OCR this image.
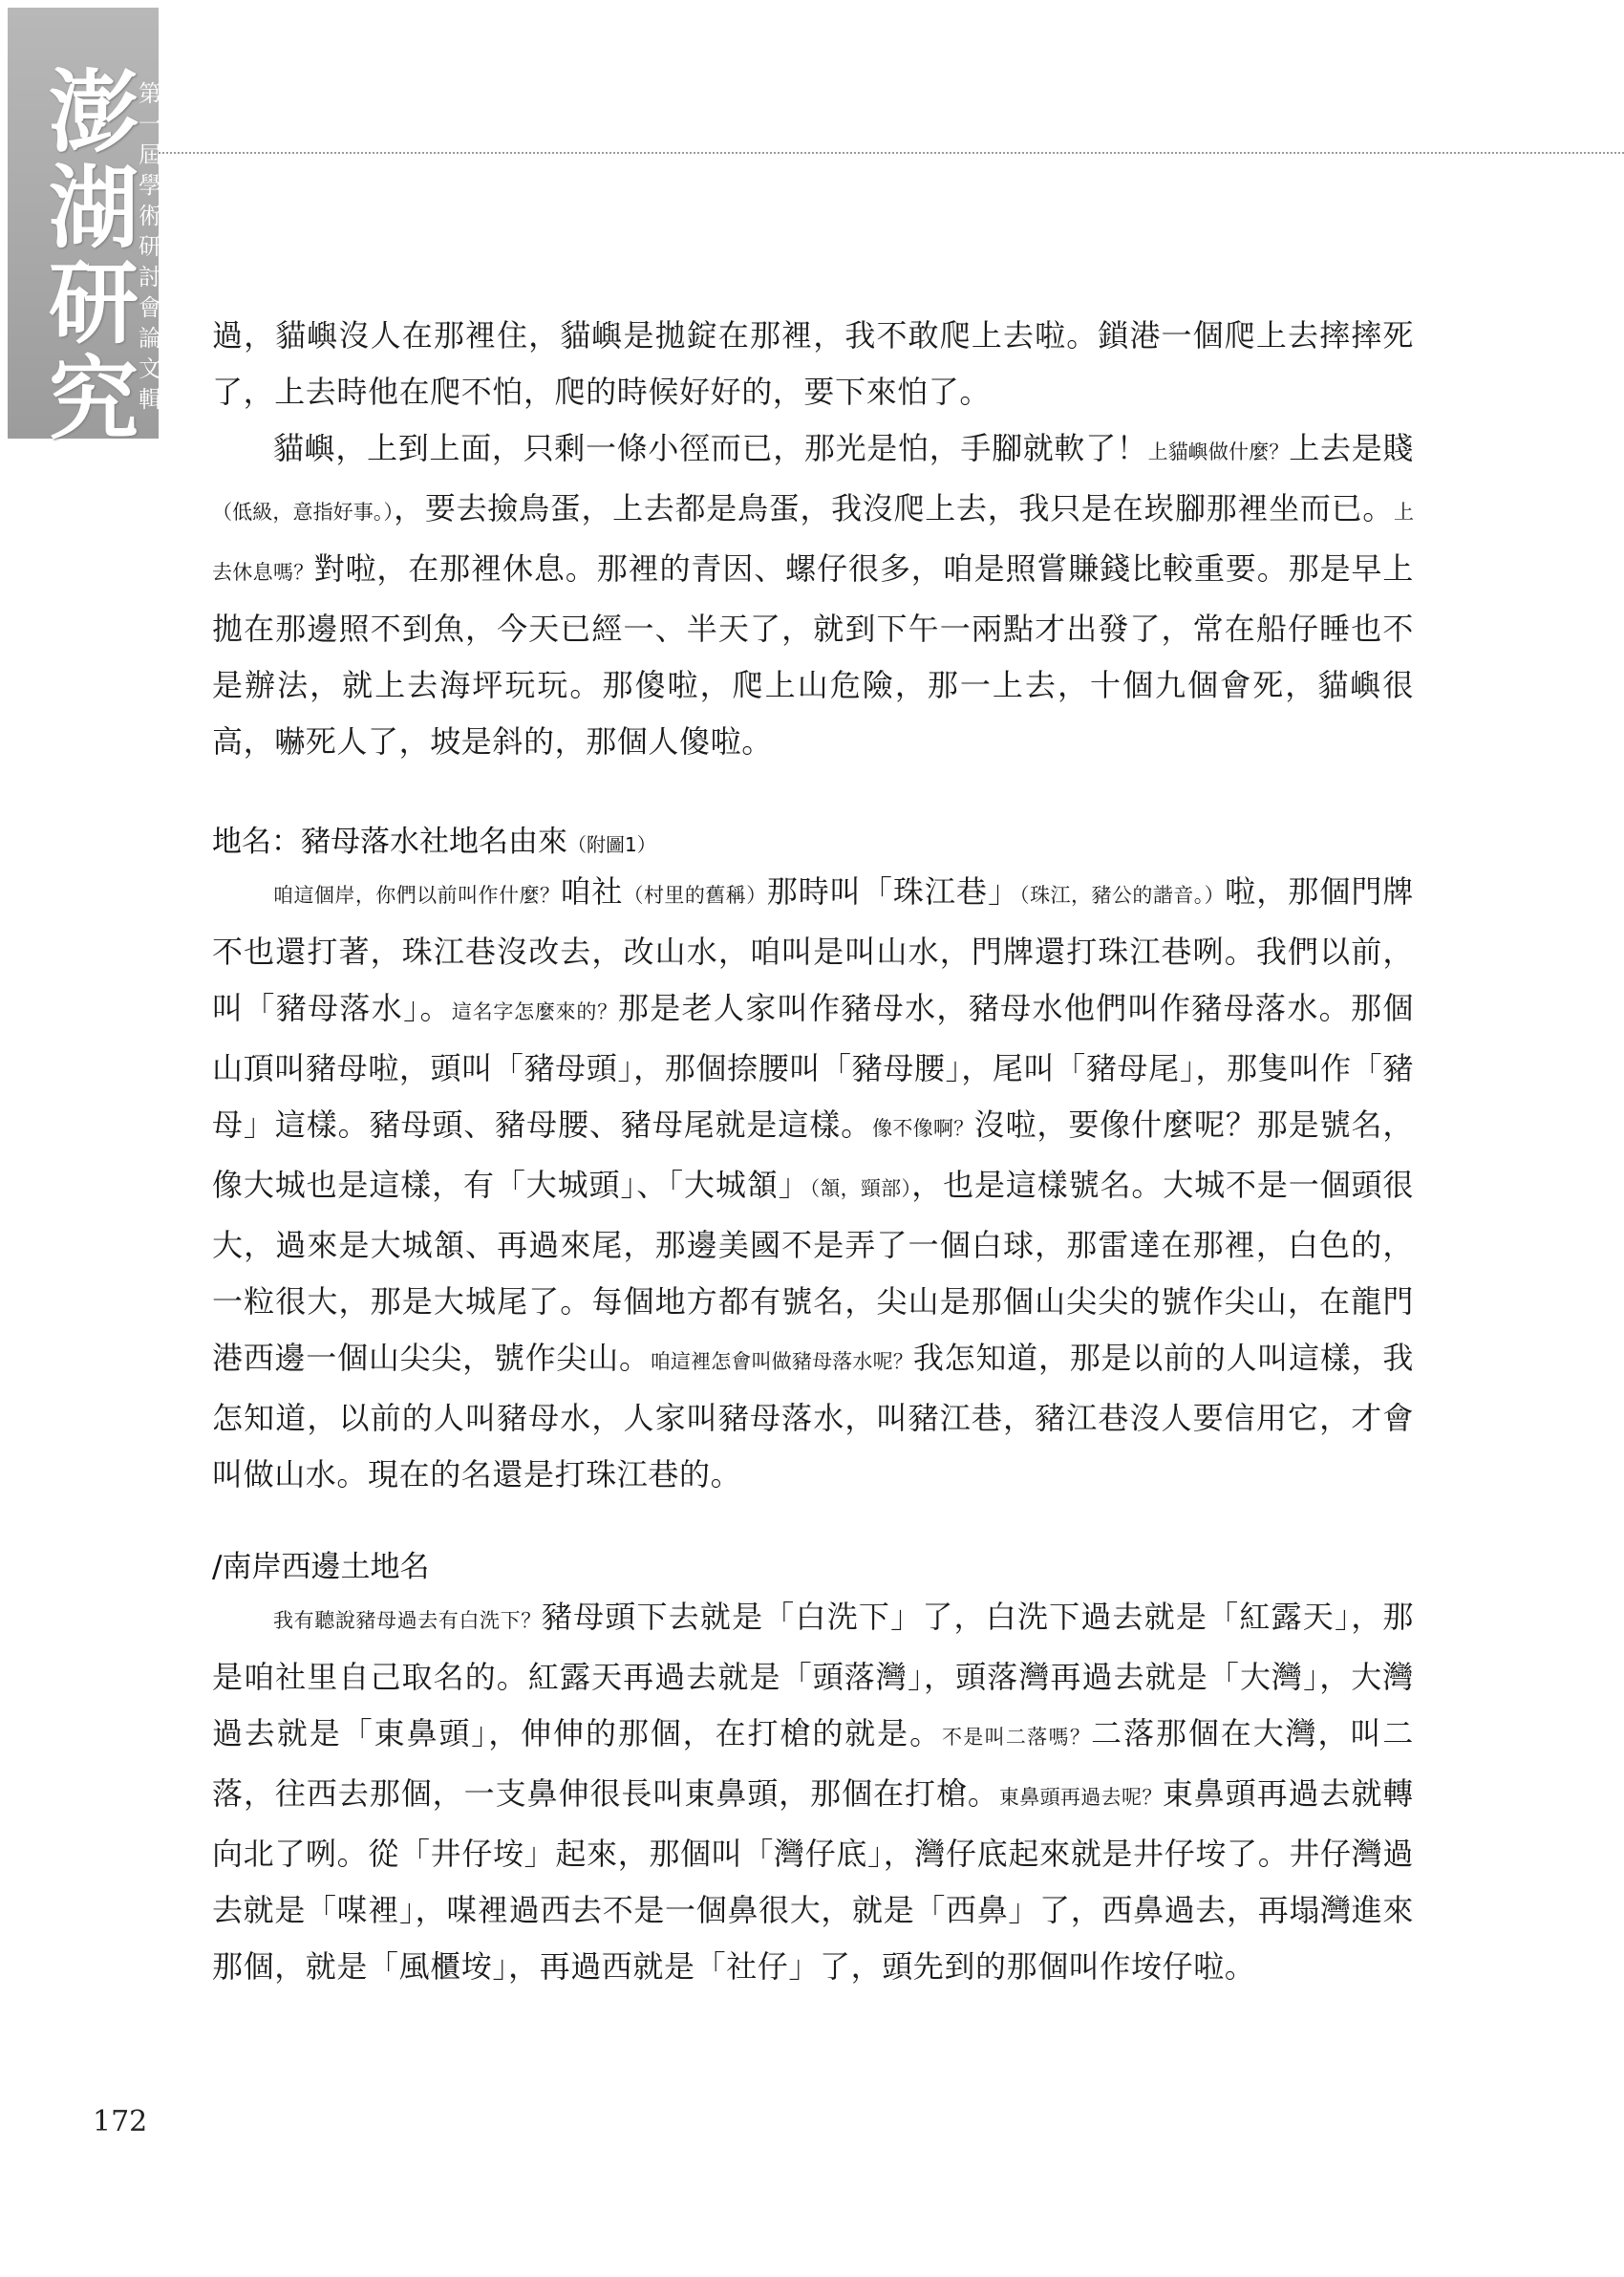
澎
湖
研
究
第
一
屆
學
術
研
討
會
論
文
輯

過，貓嶼沒人在那裡住，貓嶼是拋錠在那裡，我不敢爬上去啦。鎖港一個爬上去摔摔死了，上去時他在爬不怕，爬的時候好好的，要下來怕了。

貓嶼，上到上面，只剩一條小徑而已，那光是怕，手腳就軟了！上貓嶼做什麼？上去是賤（低級，意指好事。），要去撿鳥蛋，上去都是鳥蛋，我沒爬上去，我只是在崁腳那裡坐而已。上去休息嗎？對啦，在那裡休息。那裡的青因、螺仔很多，咱是照嘗賺錢比較重要。那是早上拋在那邊照不到魚，今天已經一、半天了，就到下午一兩點才出發了，常在船仔睡也不是辦法，就上去海坪玩玩。那傻啦，爬上山危險，那一上去，十個九個會死，貓嶼很高，嚇死人了，坡是斜的，那個人傻啦。

地名：豬母落水社地名由來（附圖1）

咱這個岸，你們以前叫作什麼？咱社（村里的舊稱）那時叫「珠江巷」（珠江，豬公的諧音。）啦，那個門牌不也還打著，珠江巷沒改去，改山水，咱叫是叫山水，門牌還打珠江巷咧。我們以前，叫「豬母落水」。這名字怎麼來的？那是老人家叫作豬母水，豬母水他們叫作豬母落水。那個山頂叫豬母啦，頭叫「豬母頭」，那個捺腰叫「豬母腰」，尾叫「豬母尾」，那隻叫作「豬母」這樣。豬母頭、豬母腰、豬母尾就是這樣。像不像啊？沒啦，要像什麼呢？那是號名，像大城也是這樣，有「大城頭」、「大城頷」（頷，頸部），也是這樣號名。大城不是一個頭很大，過來是大城頷、再過來尾，那邊美國不是弄了一個白球，那雷達在那裡，白色的，一粒很大，那是大城尾了。每個地方都有號名，尖山是那個山尖尖的號作尖山，在龍門港西邊一個山尖尖，號作尖山。咱這裡怎會叫做豬母落水呢？我怎知道，那是以前的人叫這樣，我怎知道，以前的人叫豬母水，人家叫豬母落水，叫豬江巷，豬江巷沒人要信用它，才會叫做山水。現在的名還是打珠江巷的。

/南岸西邊土地名

我有聽說豬母過去有白洗下？豬母頭下去就是「白洗下」了，白洗下過去就是「紅露天」，那是咱社里自己取名的。紅露天再過去就是「頭落灣」，頭落灣再過去就是「大灣」，大灣過去就是「東鼻頭」，伸伸的那個，在打槍的就是。不是叫二落嗎？二落那個在大灣，叫二落，往西去那個，一支鼻伸很長叫東鼻頭，那個在打槍。東鼻頭再過去呢？東鼻頭再過去就轉向北了咧。從「井仔垵」起來，那個叫「灣仔底」，灣仔底起來就是井仔垵了。井仔灣過去就是「㖼裡」，㖼裡過西去不是一個鼻很大，就是「西鼻」了，西鼻過去，再塌灣進來那個，就是「風櫃垵」，再過西就是「社仔」了，頭先到的那個叫作垵仔啦。

172
